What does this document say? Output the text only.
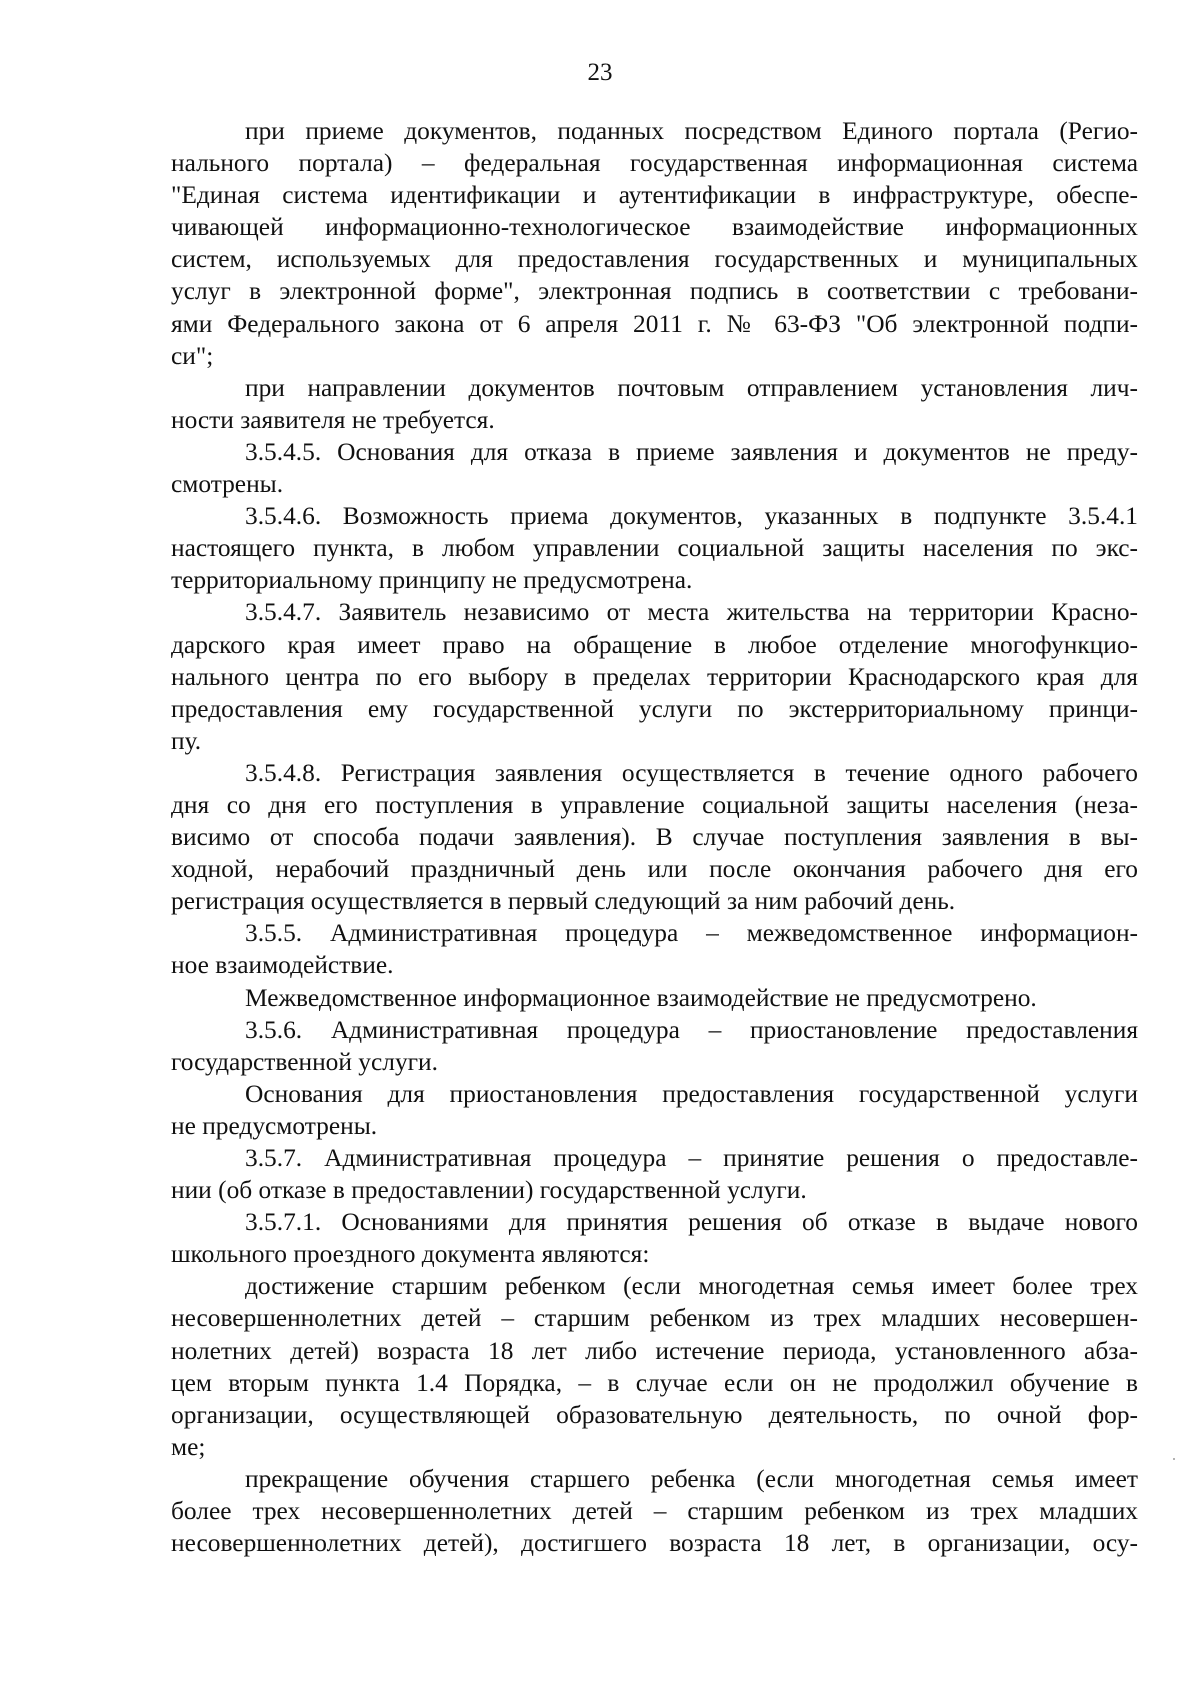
23

при приеме документов, поданных посредством Единого портала (Регио-
нального портала) – федеральная государственная информационная система
"Единая система идентификации и аутентификации в инфраструктуре, обеспе-
чивающей информационно-технологическое взаимодействие информационных
систем, используемых для предоставления государственных и муниципальных
услуг в электронной форме", электронная подпись в соответствии с требовани-
ями Федерального закона от 6 апреля 2011 г. № 63-ФЗ "Об электронной подпи-
си";

при направлении документов почтовым отправлением установления лич-
ности заявителя не требуется.

3.5.4.5. Основания для отказа в приеме заявления и документов не преду-
смотрены.

3.5.4.6. Возможность приема документов, указанных в подпункте 3.5.4.1
настоящего пункта, в любом управлении социальной защиты населения по экс-
территориальному принципу не предусмотрена.

3.5.4.7. Заявитель независимо от места жительства на территории Красно-
дарского края имеет право на обращение в любое отделение многофункцио-
нального центра по его выбору в пределах территории Краснодарского края для
предоставления ему государственной услуги по экстерриториальному принци-
пу.

3.5.4.8. Регистрация заявления осуществляется в течение одного рабочего
дня со дня его поступления в управление социальной защиты населения (неза-
висимо от способа подачи заявления). В случае поступления заявления в вы-
ходной, нерабочий праздничный день или после окончания рабочего дня его
регистрация осуществляется в первый следующий за ним рабочий день.

3.5.5. Административная процедура – межведомственное информацион-
ное взаимодействие.

Межведомственное информационное взаимодействие не предусмотрено.

3.5.6. Административная процедура – приостановление предоставления
государственной услуги.

Основания для приостановления предоставления государственной услуги
не предусмотрены.

3.5.7. Административная процедура – принятие решения о предоставле-
нии (об отказе в предоставлении) государственной услуги.

3.5.7.1. Основаниями для принятия решения об отказе в выдаче нового
школьного проездного документа являются:

достижение старшим ребенком (если многодетная семья имеет более трех
несовершеннолетних детей – старшим ребенком из трех младших несовершен-
нолетних детей) возраста 18 лет либо истечение периода, установленного абза-
цем вторым пункта 1.4 Порядка, – в случае если он не продолжил обучение в
организации, осуществляющей образовательную деятельность, по очной фор-
ме;

прекращение обучения старшего ребенка (если многодетная семья имеет
более трех несовершеннолетних детей – старшим ребенком из трех младших
несовершеннолетних детей), достигшего возраста 18 лет, в организации, осу-
